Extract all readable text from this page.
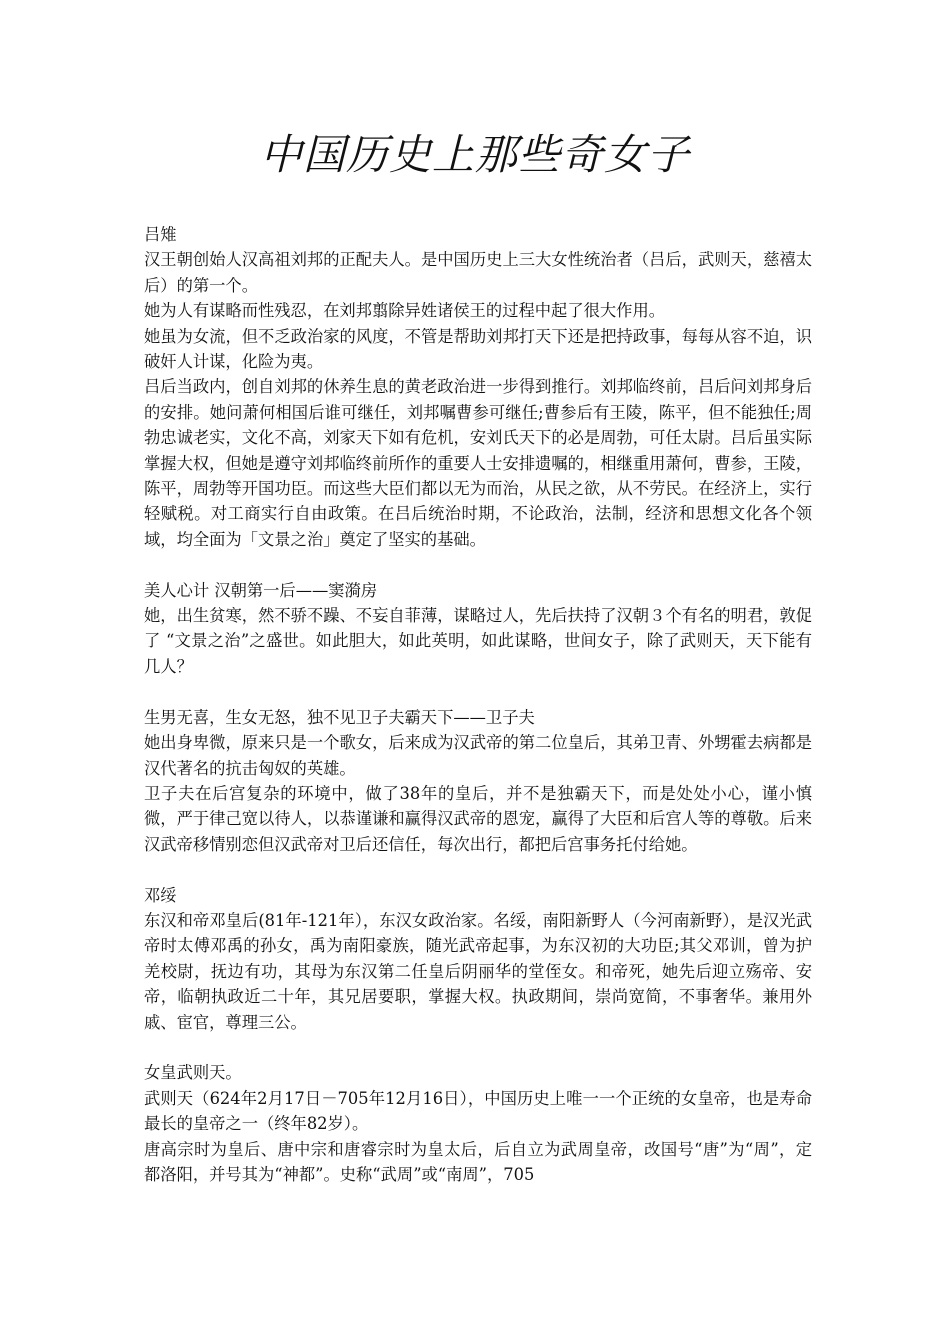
中国历史上那些奇女子

吕雉

汉王朝创始人汉高祖刘邦的正配夫人。是中国历史上三大女性统治者（吕后，武则天，慈禧太后）的第一个。

她为人有谋略而性残忍，在刘邦翦除异姓诸侯王的过程中起了很大作用。

她虽为女流，但不乏政治家的风度，不管是帮助刘邦打天下还是把持政事，每每从容不迫，识破奸人计谋，化险为夷。

吕后当政内，创自刘邦的休养生息的黄老政治进一步得到推行。刘邦临终前，吕后问刘邦身后的安排。她问萧何相国后谁可继任，刘邦嘱曹参可继任;曹参后有王陵，陈平，但不能独任;周勃忠诚老实，文化不高，刘家天下如有危机，安刘氏天下的必是周勃，可任太尉。吕后虽实际掌握大权，但她是遵守刘邦临终前所作的重要人士安排遗嘱的，相继重用萧何，曹参，王陵，陈平，周勃等开国功臣。而这些大臣们都以无为而治，从民之欲，从不劳民。在经济上，实行轻赋税。对工商实行自由政策。在吕后统治时期，不论政治，法制，经济和思想文化各个领域，均全面为「文景之治」奠定了坚实的基础。

美人心计 汉朝第一后——窦漪房

她，出生贫寒，然不骄不躁、不妄自菲薄，谋略过人，先后扶持了汉朝３个有名的明君，敦促了 “文景之治”之盛世。如此胆大，如此英明，如此谋略，世间女子，除了武则天，天下能有几人？

生男无喜，生女无怒，独不见卫子夫霸天下——卫子夫

她出身卑微，原来只是一个歌女，后来成为汉武帝的第二位皇后，其弟卫青、外甥霍去病都是汉代著名的抗击匈奴的英雄。

卫子夫在后宫复杂的环境中，做了38年的皇后，并不是独霸天下，而是处处小心，谨小慎微，严于律己宽以待人，以恭谨谦和赢得汉武帝的恩宠，赢得了大臣和后宫人等的尊敬。后来汉武帝移情别恋但汉武帝对卫后还信任，每次出行，都把后宫事务托付给她。

邓绥

东汉和帝邓皇后(81年-121年），东汉女政治家。名绥，南阳新野人（今河南新野），是汉光武帝时太傅邓禹的孙女，禹为南阳豪族，随光武帝起事，为东汉初的大功臣;其父邓训，曾为护羌校尉，抚边有功，其母为东汉第二任皇后阴丽华的堂侄女。和帝死，她先后迎立殇帝、安帝，临朝执政近二十年，其兄居要职，掌握大权。执政期间，崇尚宽简，不事奢华。兼用外戚、宦官，尊理三公。

女皇武则天。

武则天（624年2月17日－705年12月16日），中国历史上唯一一个正统的女皇帝，也是寿命最长的皇帝之一（终年82岁）。

唐高宗时为皇后、唐中宗和唐睿宗时为皇太后，后自立为武周皇帝，改国号“唐”为“周”，定都洛阳，并号其为“神都”。史称“武周”或“南周”，705
